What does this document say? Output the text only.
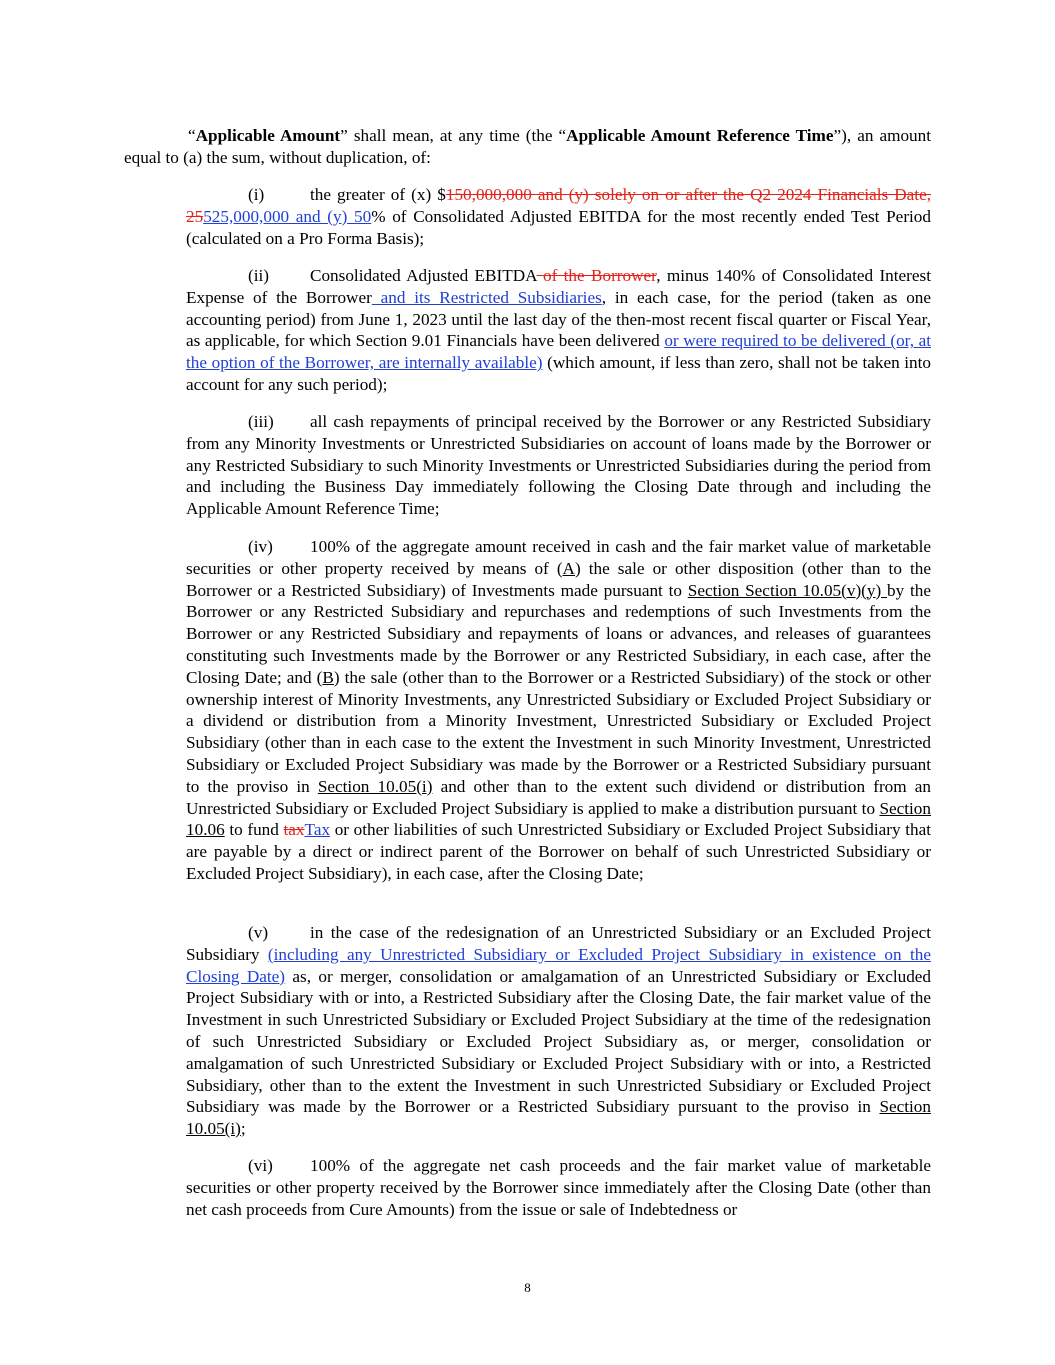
“Applicable Amount” shall mean, at any time (the “Applicable Amount Reference Time”), an amount equal to (a) the sum, without duplication, of:

(i)	the greater of (x) $150,000,000 and (y) solely on or after the Q2 2024 Financials Date, 25525,000,000 and (y) 50% of Consolidated Adjusted EBITDA for the most recently ended Test Period (calculated on a Pro Forma Basis);

(ii) Consolidated Adjusted EBITDA of the Borrower, minus 140% of Consolidated Interest Expense of the Borrower and its Restricted Subsidiaries, in each case, for the period (taken as one accounting period) from June 1, 2023 until the last day of the then-most recent fiscal quarter or Fiscal Year, as applicable, for which Section 9.01 Financials have been delivered or were required to be delivered (or, at the option of the Borrower, are internally available) (which amount, if less than zero, shall not be taken into account for any such period);

(iii) all cash repayments of principal received by the Borrower or any Restricted Subsidiary from any Minority Investments or Unrestricted Subsidiaries on account of loans made by the Borrower or any Restricted Subsidiary to such Minority Investments or Unrestricted Subsidiaries during the period from and including the Business Day immediately following the Closing Date through and including the Applicable Amount Reference Time;

(iv) 100% of the aggregate amount received in cash and the fair market value of marketable securities or other property received by means of (A) the sale or other disposition (other than to the Borrower or a Restricted Subsidiary) of Investments made pursuant to Section Section 10.05(v)(y) by the Borrower or any Restricted Subsidiary and repurchases and redemptions of such Investments from the Borrower or any Restricted Subsidiary and repayments of loans or advances, and releases of guarantees constituting such Investments made by the Borrower or any Restricted Subsidiary, in each case, after the Closing Date; and (B) the sale (other than to the Borrower or a Restricted Subsidiary) of the stock or other ownership interest of Minority Investments, any Unrestricted Subsidiary or Excluded Project Subsidiary or a dividend or distribution from a Minority Investment, Unrestricted Subsidiary or Excluded Project Subsidiary (other than in each case to the extent the Investment in such Minority Investment, Unrestricted Subsidiary or Excluded Project Subsidiary was made by the Borrower or a Restricted Subsidiary pursuant to the proviso in Section 10.05(i) and other than to the extent such dividend or distribution from an Unrestricted Subsidiary or Excluded Project Subsidiary is applied to make a distribution pursuant to Section 10.06 to fund taxTax or other liabilities of such Unrestricted Subsidiary or Excluded Project Subsidiary that are payable by a direct or indirect parent of the Borrower on behalf of such Unrestricted Subsidiary or Excluded Project Subsidiary), in each case, after the Closing Date;

(v) in the case of the redesignation of an Unrestricted Subsidiary or an Excluded Project Subsidiary (including any Unrestricted Subsidiary or Excluded Project Subsidiary in existence on the Closing Date) as, or merger, consolidation or amalgamation of an Unrestricted Subsidiary or Excluded Project Subsidiary with or into, a Restricted Subsidiary after the Closing Date, the fair market value of the Investment in such Unrestricted Subsidiary or Excluded Project Subsidiary at the time of the redesignation of such Unrestricted Subsidiary or Excluded Project Subsidiary as, or merger, consolidation or amalgamation of such Unrestricted Subsidiary or Excluded Project Subsidiary with or into, a Restricted Subsidiary, other than to the extent the Investment in such Unrestricted Subsidiary or Excluded Project Subsidiary was made by the Borrower or a Restricted Subsidiary pursuant to the proviso in Section 10.05(i);

(vi) 100% of the aggregate net cash proceeds and the fair market value of marketable securities or other property received by the Borrower since immediately after the Closing Date (other than net cash proceeds from Cure Amounts) from the issue or sale of Indebtedness or

8
